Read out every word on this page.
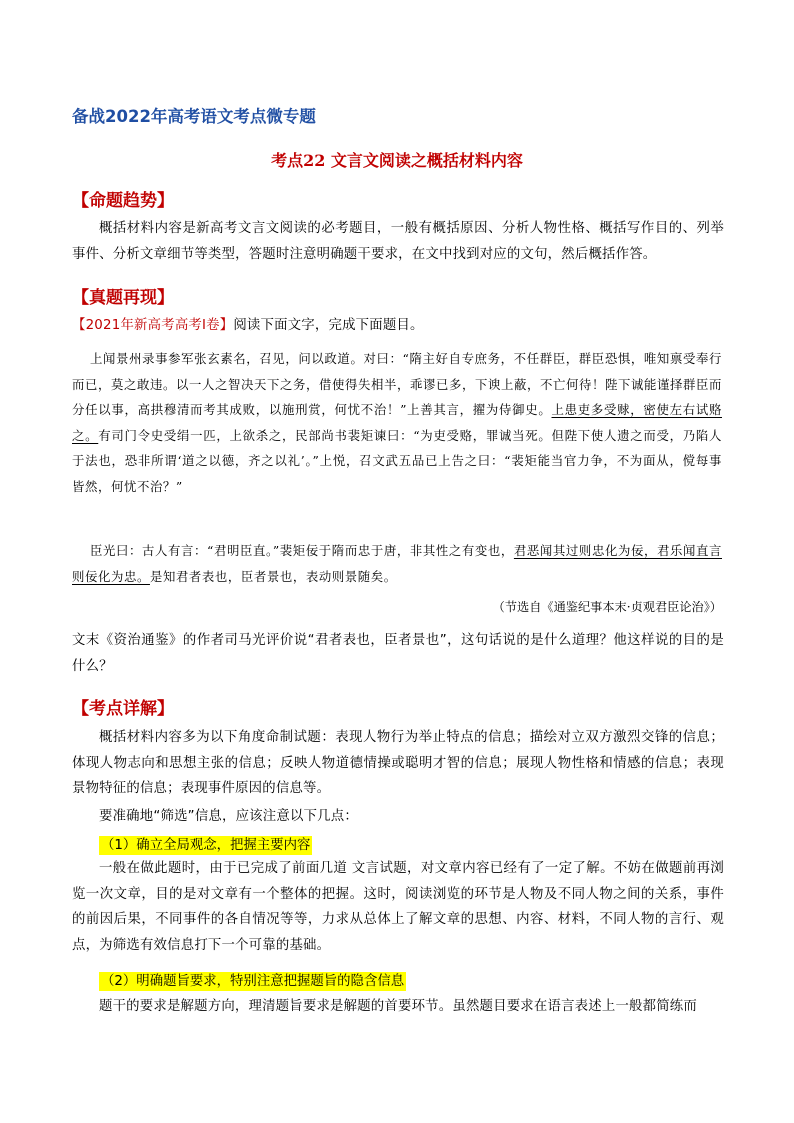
备战2022年高考语文考点微专题
考点22 文言文阅读之概括材料内容
【命题趋势】
概括材料内容是新高考文言文阅读的必考题目，一般有概括原因、分析人物性格、概括写作目的、列举事件、分析文章细节等类型，答题时注意明确题干要求，在文中找到对应的文句，然后概括作答。
【真题再现】
【2021年新高考高考Ⅰ卷】阅读下面文字，完成下面题目。
上闻景州录事参军张玄素名，召见，问以政道。对曰：“隋主好自专庶务，不任群臣，群臣恐惧，唯知禀受奉行而已，莫之敢违。以一人之智决天下之务，借使得失相半，乖谬已多，下谀上蔽，不亡何待！陛下诚能谨择群臣而分任以事，高拱穆清而考其成败，以施刑赏，何忧不治！”上善其言，擢为侍御史。上患吏多受赇，密使左右试赂之。有司门令史受绢一匹，上欲杀之，民部尚书裴矩谏曰：“为吏受赂，罪诚当死。但陛下使人遗之而受，乃陷人于法也，恐非所谓‘道之以德，齐之以礼’。”上悦，召文武五品已上告之曰：“裴矩能当官力争，不为面从，傥每事皆然，何忧不治？”
臣光曰：古人有言：“君明臣直。”裴矩佞于隋而忠于唐，非其性之有变也，君恶闻其过则忠化为佞，君乐闻直言则佞化为忠。是知君者表也，臣者景也，表动则景随矣。
（节选自《通鉴纪事本末·贞观君臣论治》）
文末《资治通鉴》的作者司马光评价说“君者表也，臣者景也”，这句话说的是什么道理？他这样说的目的是什么？
【考点详解】
概括材料内容多为以下角度命制试题：表现人物行为举止特点的信息；描绘对立双方激烈交锋的信息；体现人物志向和思想主张的信息；反映人物道德情操或聪明才智的信息；展现人物性格和情感的信息；表现景物特征的信息；表现事件原因的信息等。
要准确地“筛选”信息，应该注意以下几点：
（1）确立全局观念，把握主要内容
一般在做此题时，由于已完成了前面几道 文言试题，对文章内容已经有了一定了解。不妨在做题前再浏览一次文章，目的是对文章有一个整体的把握。这时，阅读浏览的环节是人物及不同人物之间的关系，事件的前因后果，不同事件的各自情况等等，力求从总体上了解文章的思想、内容、材料，不同人物的言行、观点，为筛选有效信息打下一个可靠的基础。
（2）明确题旨要求，特别注意把握题旨的隐含信息
题干的要求是解题方向，理清题旨要求是解题的首要环节。虽然题目要求在语言表述上一般都简练而
